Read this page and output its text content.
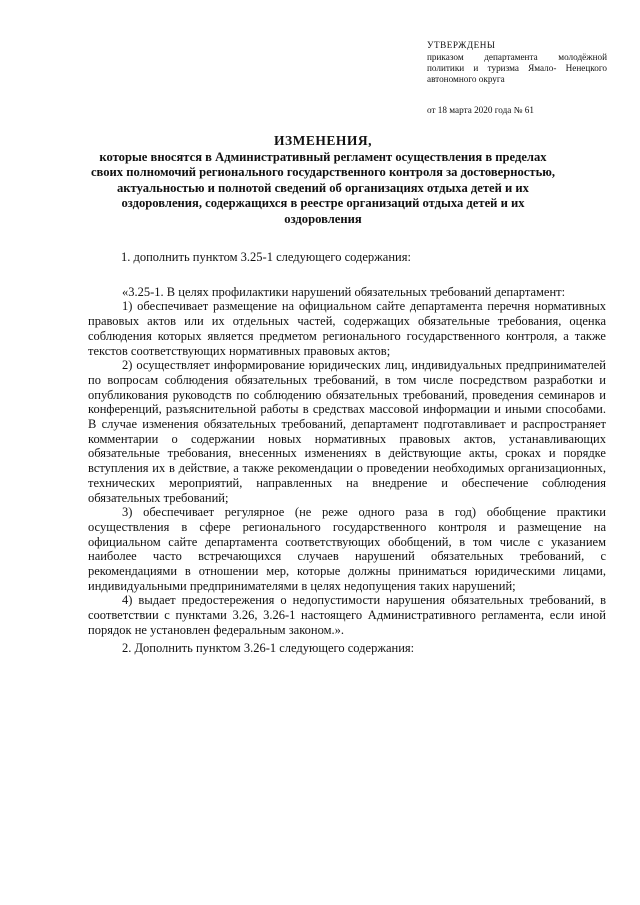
УТВЕРЖДЕНЫ
приказом департамента молодёжной политики и туризма Ямало- Ненецкого автономного округа
от 18 марта 2020 года № 61
ИЗМЕНЕНИЯ,
которые вносятся в Административный регламент осуществления в пределах своих полномочий регионального государственного контроля за достоверностью, актуальностью и полнотой сведений об организациях отдыха детей и их оздоровления, содержащихся в реестре организаций отдыха детей и их оздоровления

1. дополнить пунктом 3.25-1 следующего содержания:

«3.25-1. В целях профилактики нарушений обязательных требований департамент:

1) обеспечивает размещение на официальном сайте департамента перечня нормативных правовых актов или их отдельных частей, содержащих обязательные требования, оценка соблюдения которых является предметом регионального государственного контроля, а также текстов соответствующих нормативных правовых актов;

2) осуществляет информирование юридических лиц, индивидуальных предпринимателей по вопросам соблюдения обязательных требований, в том числе посредством разработки и опубликования руководств по соблюдению обязательных требований, проведения семинаров и конференций, разъяснительной работы в средствах массовой информации и иными способами. В случае изменения обязательных требований, департамент подготавливает и распространяет комментарии о содержании новых нормативных правовых актов, устанавливающих обязательные требования, внесенных изменениях в действующие акты, сроках и порядке вступления их в действие, а также рекомендации о проведении необходимых организационных, технических мероприятий, направленных на внедрение и обеспечение соблюдения обязательных требований;

3) обеспечивает регулярное (не реже одного раза в год) обобщение практики осуществления в сфере регионального государственного контроля и размещение на официальном сайте департамента соответствующих обобщений, в том числе с указанием наиболее часто встречающихся случаев нарушений обязательных требований, с рекомендациями в отношении мер, которые должны приниматься юридическими лицами, индивидуальными предпринимателями в целях недопущения таких нарушений;

4) выдает предостережения о недопустимости нарушения обязательных требований, в соответствии с пунктами 3.26, 3.26-1 настоящего Административного регламента, если иной порядок не установлен федеральным законом.».

2. Дополнить пунктом 3.26-1 следующего содержания:
